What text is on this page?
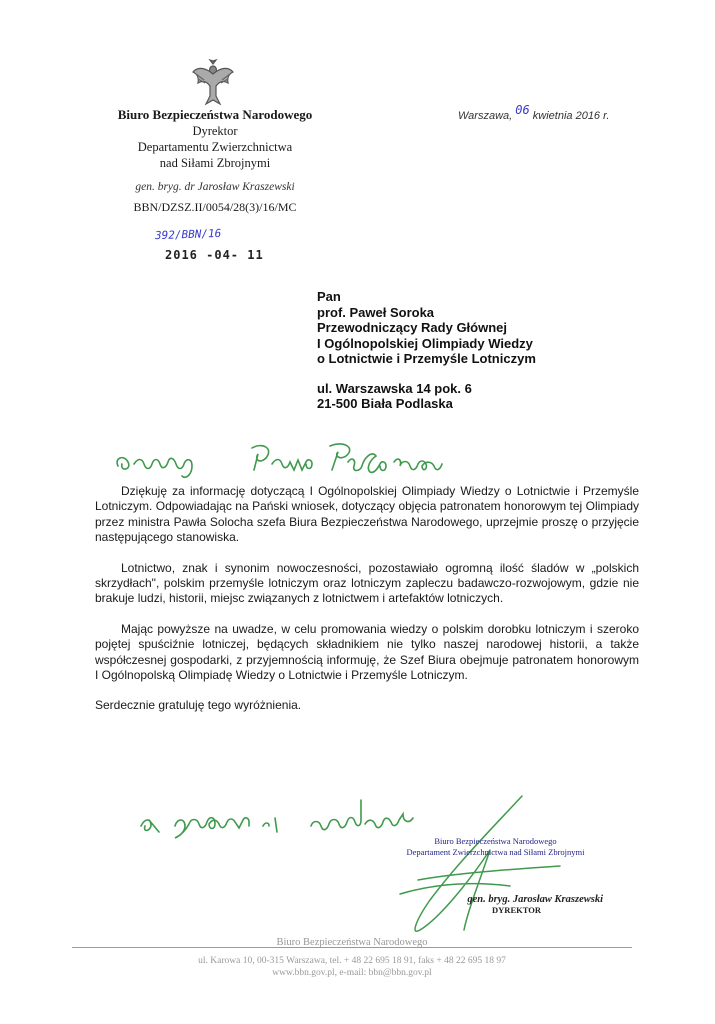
Biuro Bezpieczeństwa Narodowego
Dyrektor
Departamentu Zwierzchnictwa
nad Siłami Zbrojnymi
gen. bryg. dr Jarosław Kraszewski
BBN/DZSZ.II/0054/28(3)/16/MC
392/BBN/16
2016 -04- 11
Warszawa, 06 kwietnia 2016 r.
Pan
prof. Paweł Soroka
Przewodniczący Rady Głównej
I Ogólnopolskiej Olimpiady Wiedzy
o Lotnictwie i Przemyśle Lotniczym
ul. Warszawska 14 pok. 6
21-500 Biała Podlaska

Dziękuję za informację dotyczącą I Ogólnopolskiej Olimpiady Wiedzy o Lotnictwie i Przemyśle Lotniczym. Odpowiadając na Pański wniosek, dotyczący objęcia patronatem honorowym tej Olimpiady przez ministra Pawła Solocha szefa Biura Bezpieczeństwa Narodowego, uprzejmie proszę o przyjęcie następującego stanowiska.

Lotnictwo, znak i synonim nowoczesności, pozostawiało ogromną ilość śladów w „polskich skrzydłach", polskim przemyśle lotniczym oraz lotniczym zapleczu badawczo-rozwojowym, gdzie nie brakuje ludzi, historii, miejsc związanych z lotnictwem i artefaktów lotniczych.

Mając powyższe na uwadze, w celu promowania wiedzy o polskim dorobku lotniczym i szeroko pojętej spuściźnie lotniczej, będących składnikiem nie tylko naszej narodowej historii, a także współczesnej gospodarki, z przyjemnością informuję, że Szef Biura obejmuje patronatem honorowym I Ogólnopolską Olimpiadę Wiedzy o Lotnictwie i Przemyśle Lotniczym.

Serdecznie gratuluję tego wyróżnienia.

Biuro Bezpieczeństwa Narodowego
Departament Zwierzchnictwa nad Siłami Zbrojnymi
gen. bryg. Jarosław Kraszewski
DYREKTOR
Biuro Bezpieczeństwa Narodowego
ul. Karowa 10, 00-315 Warszawa, tel. + 48 22 695 18 91, faks + 48 22 695 18 97
www.bbn.gov.pl, e-mail: bbn@bbn.gov.pl
